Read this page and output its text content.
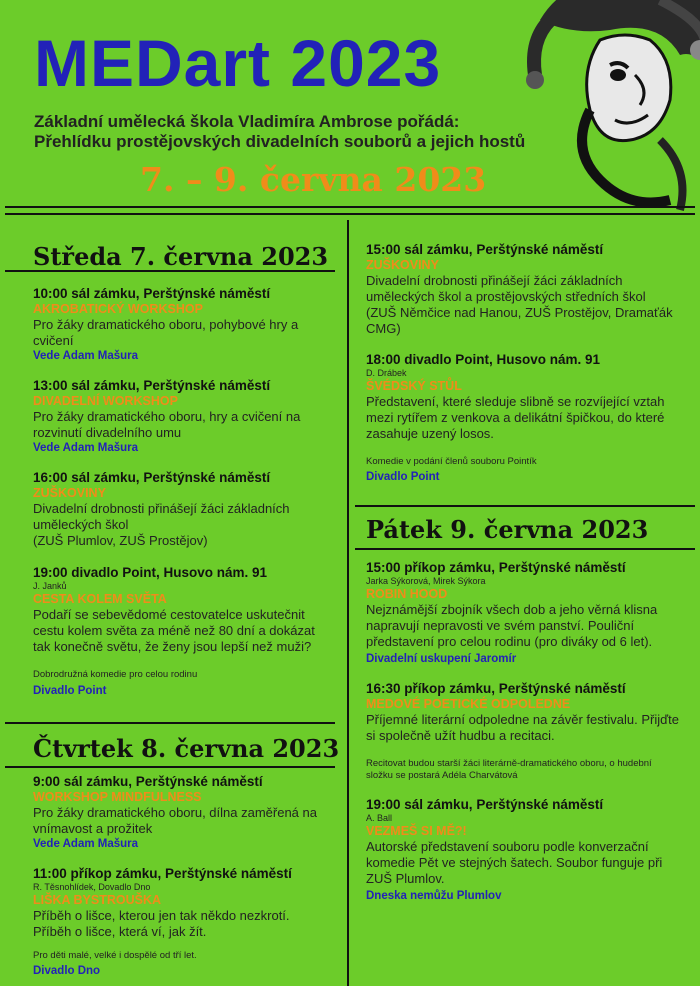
MEDart 2023
Základní umělecká škola Vladimíra Ambrose pořádá:
Přehlídku prostějovských divadelních souborů a jejich hostů
7. – 9. června 2023
Středa 7. června 2023
Čtvrtek 8. června 2023
Pátek 9. června 2023
10:00 sál zámku, Perštýnské náměstí
AKROBATICKÝ WORKSHOP
Pro žáky dramatického oboru, pohybové hry a cvičení
Vede Adam Mašura
13:00 sál zámku, Perštýnské náměstí
DIVADELNÍ WORKSHOP
Pro žáky dramatického oboru, hry a cvičení na rozvinutí divadelního umu
Vede Adam Mašura
16:00 sál zámku, Perštýnské náměstí
ZUŠKOVINY
Divadelní drobnosti přinášejí žáci základních uměleckých škol
(ZUŠ Plumlov, ZUŠ Prostějov)
19:00 divadlo Point, Husovo nám. 91
J. Janků
CESTA KOLEM SVĚTA
Podaří se sebevědomé cestovatelce uskutečnit cestu kolem světa za méně než 80 dní a dokázat tak konečně světu, že ženy jsou lepší než muži?
Dobrodružná komedie pro celou rodinu
Divadlo Point
9:00 sál zámku, Perštýnské náměstí
WORKSHOP MINDFULNESS
Pro žáky dramatického oboru, dílna zaměřená na vnímavost a prožitek
Vede Adam Mašura
11:00 příkop zámku, Perštýnské náměstí
R. Těsnohlídek, Dovadlo Dno
LIŠKA BYSTROUŠKA
Příběh o lišce, kterou jen tak někdo nezkrotí.
Příběh o lišce, která ví, jak žít.
Pro děti malé, velké i dospělé od tří let.
Divadlo Dno
15:00 sál zámku, Perštýnské náměstí
ZUŠKOVINY
Divadelní drobnosti přinášejí žáci základních uměleckých škol a prostějovských středních škol
(ZUŠ Němčice nad Hanou, ZUŠ Prostějov, Dramaťák CMG)
18:00 divadlo Point, Husovo nám. 91
D. Drábek
ŠVÉDSKÝ STŮL
Představení, které sleduje slibně se rozvíjející vztah mezi rytířem z venkova a delikátní špičkou, do které zasahuje uzený losos.
Komedie v podání členů souboru Pointík
Divadlo Point
15:00 příkop zámku, Perštýnské náměstí
Jarka Sýkorová, Mirek Sýkora
ROBIN HOOD
Nejznámější zbojník všech dob a jeho věrná klisna napravují nepravosti ve svém panství. Pouliční představení pro celou rodinu (pro diváky od 6 let).
Divadelní uskupení Jaromír
16:30 příkop zámku, Perštýnské náměstí
MEDOVÉ POETICKÉ ODPOLEDNE
Příjemné literární odpoledne na závěr festivalu. Přijďte si společně užít hudbu a recitaci.
Recitovat budou starší žáci literárně-dramatického oboru, o hudební složku se postará Adéla Charvátová
19:00 sál zámku, Perštýnské náměstí
A. Ball
VEZMEŠ SI MĚ?!
Autorské představení souboru podle konverzační komedie Pět ve stejných šatech. Soubor funguje při ZUŠ Plumlov.
Dneska nemůžu Plumlov
